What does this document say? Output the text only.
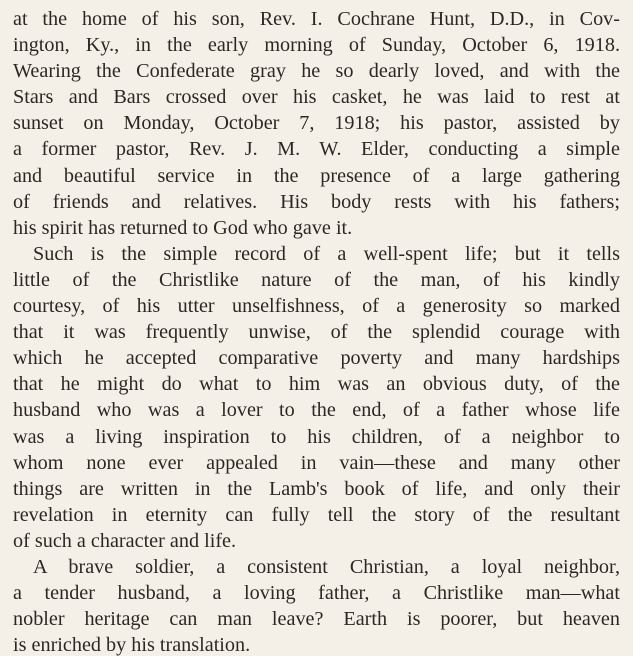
at the home of his son, Rev. I. Cochrane Hunt, D.D., in Cov-
ington, Ky., in the early morning of Sunday, October 6, 1918.
Wearing the Confederate gray he so dearly loved, and with the
Stars and Bars crossed over his casket, he was laid to rest at
sunset on Monday, October 7, 1918; his pastor, assisted by
a former pastor, Rev. J. M. W. Elder, conducting a simple
and beautiful service in the presence of a large gathering
of friends and relatives. His body rests with his fathers;
his spirit has returned to God who gave it.
Such is the simple record of a well-spent life; but it tells
little of the Christlike nature of the man, of his kindly
courtesy, of his utter unselfishness, of a generosity so marked
that it was frequently unwise, of the splendid courage with
which he accepted comparative poverty and many hardships
that he might do what to him was an obvious duty, of the
husband who was a lover to the end, of a father whose life
was a living inspiration to his children, of a neighbor to
whom none ever appealed in vain—these and many other
things are written in the Lamb's book of life, and only their
revelation in eternity can fully tell the story of the resultant
of such a character and life.
A brave soldier, a consistent Christian, a loyal neighbor,
a tender husband, a loving father, a Christlike man—what
nobler heritage can man leave? Earth is poorer, but heaven
is enriched by his translation.
